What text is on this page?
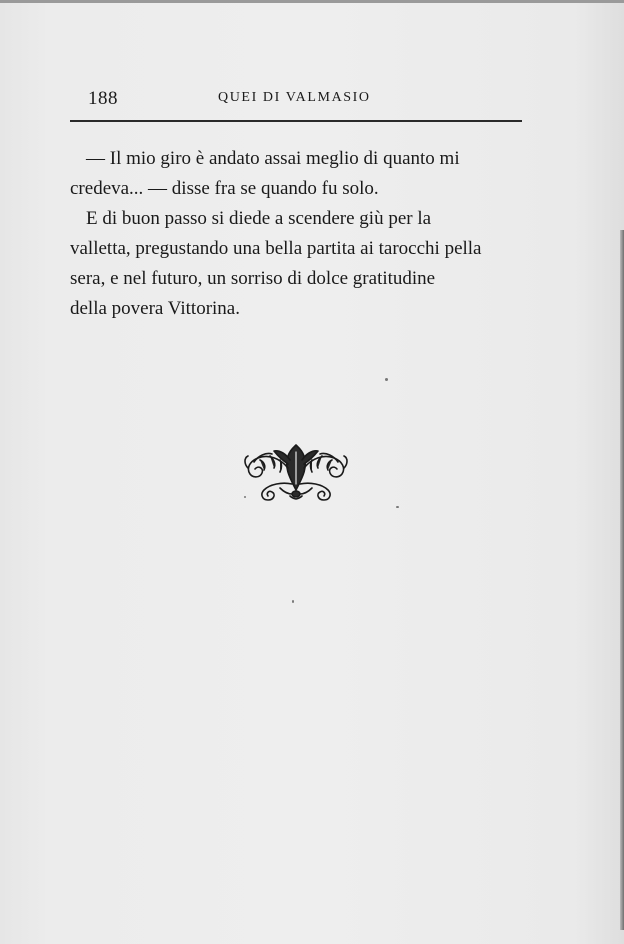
188	QUEI DI VALMASIO

— Il mio giro è andato assai meglio di quanto mi

credeva... — disse fra se quando fu solo.

E di buon passo si diede a scendere giù per la

valletta, pregustando una bella partita ai tarocchi pella

sera, e nel futuro, un sorriso di dolce gratitudine

della povera Vittorina.
